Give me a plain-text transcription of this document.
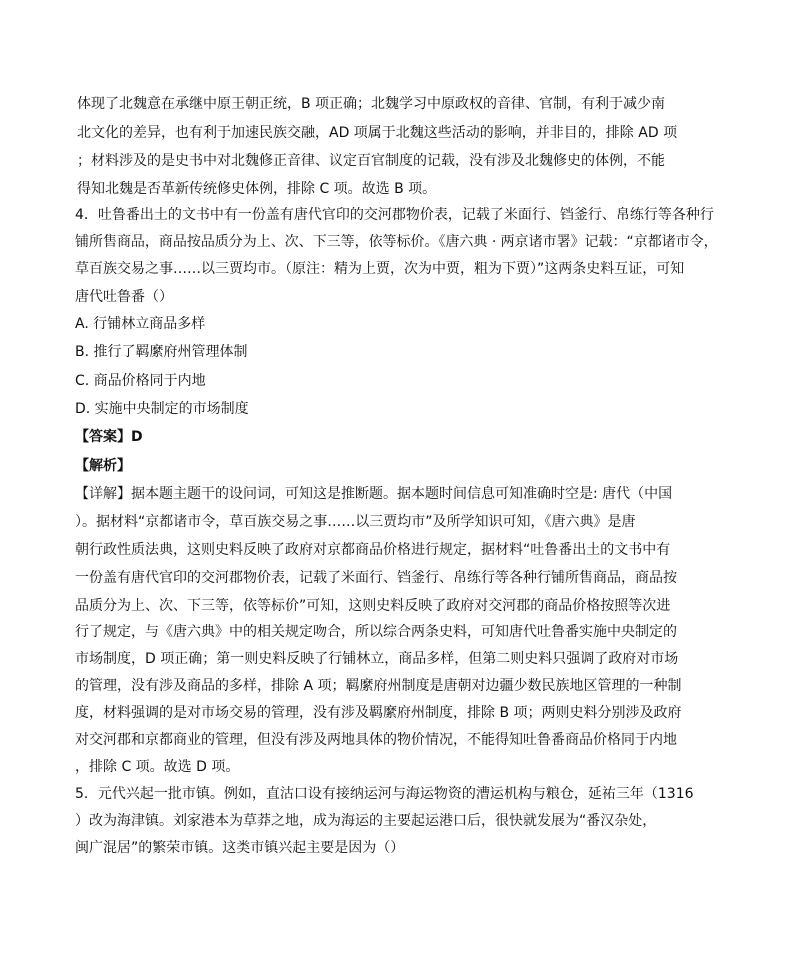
体现了北魏意在承继中原王朝正统，B 项正确；北魏学习中原政权的音律、官制，有利于减少南
北文化的差异，也有利于加速民族交融，AD 项属于北魏这些活动的影响，并非目的，排除 AD 项
；材料涉及的是史书中对北魏修正音律、议定百官制度的记载，没有涉及北魏修史的体例，不能
得知北魏是否革新传统修史体例，排除 C 项。故选 B 项。
4．吐鲁番出土的文书中有一份盖有唐代官印的交河郡物价表，记载了米面行、铛釜行、帛练行等各种行
铺所售商品，商品按品质分为上、次、下三等，依等标价。《唐六典 · 两京诸市署》记载：“京都诸市令，
草百族交易之事……以三贾均市。（原注：精为上贾，次为中贾，粗为下贾）”这两条史料互证，可知
唐代吐鲁番（）
A. 行铺林立商品多样
B. 推行了羁縻府州管理体制
C. 商品价格同于内地
D. 实施中央制定的市场制度
【答案】D
【解析】
【详解】据本题主题干的设问词，可知这是推断题。据本题时间信息可知准确时空是: 唐代（中国
）。据材料“京都诸市令，草百族交易之事……以三贾均市”及所学知识可知，《唐六典》是唐
朝行政性质法典，这则史料反映了政府对京都商品价格进行规定，据材料“吐鲁番出土的文书中有
一份盖有唐代官印的交河郡物价表，记载了米面行、铛釜行、帛练行等各种行铺所售商品，商品按
品质分为上、次、下三等，依等标价”可知，这则史料反映了政府对交河郡的商品价格按照等次进
行了规定，与《唐六典》中的相关规定吻合，所以综合两条史料，可知唐代吐鲁番实施中央制定的
市场制度，D 项正确；第一则史料反映了行铺林立，商品多样，但第二则史料只强调了政府对市场
的管理，没有涉及商品的多样，排除 A 项；羁縻府州制度是唐朝对边疆少数民族地区管理的一种制
度，材料强调的是对市场交易的管理，没有涉及羁縻府州制度，排除 B 项；两则史料分别涉及政府
对交河郡和京都商业的管理，但没有涉及两地具体的物价情况，不能得知吐鲁番商品价格同于内地
，排除 C 项。故选 D 项。
5．元代兴起一批市镇。例如，直沽口设有接纳运河与海运物资的漕运机构与粮仓，延祐三年（1316
）改为海津镇。刘家港本为草莽之地，成为海运的主要起运港口后，很快就发展为“番汉杂处，
闽广混居”的繁荣市镇。这类市镇兴起主要是因为（）
